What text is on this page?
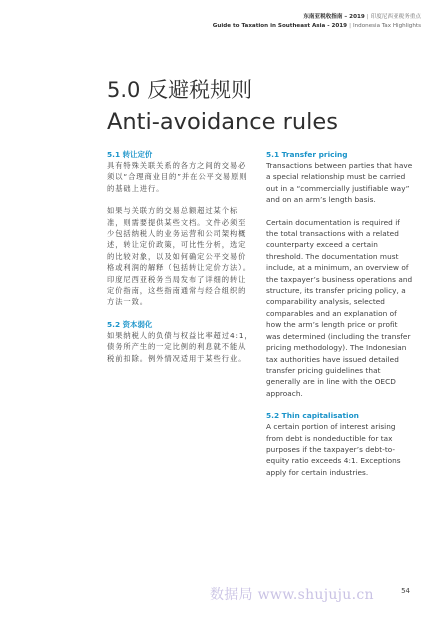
东南亚税收指南 – 2019 | 印度尼西亚税务重点
Guide to Taxation in Southeast Asia - 2019 | Indonesia Tax Highlights
5.0 反避税规则
Anti-avoidance rules
5.1 转让定价

具有特殊关联关系的各方之间的交易必须以“合理商业目的”并在公平交易原则的基础上进行。

如果与关联方的交易总额超过某个标准，则需要提供某些文档。文件必须至少包括纳税人的业务运营和公司架构概述，转让定价政策，可比性分析，选定的比较对象，以及如何确定公平交易价格或利润的解释（包括转让定价方法）。印度尼西亚税务当局发布了详细的转让定价指南，这些指南通常与经合组织的方法一致。

5.2 资本弱化

如果纳税人的负债与权益比率超过4:1，债务所产生的一定比例的利息就不能从税前扣除。例外情况适用于某些行业。

5.1 Transfer pricing

Transactions between parties that have a special relationship must be carried out in a “commercially justifiable way” and on an arm’s length basis.

Certain documentation is required if the total transactions with a related counterparty exceed a certain threshold. The documentation must include, at a minimum, an overview of the taxpayer’s business operations and structure, its transfer pricing policy, a comparability analysis, selected comparables and an explanation of how the arm’s length price or profit was determined (including the transfer pricing methodology). The Indonesian tax authorities have issued detailed transfer pricing guidelines that generally are in line with the OECD approach.

5.2 Thin capitalisation

A certain portion of interest arising from debt is nondeductible for tax purposes if the taxpayer’s debt-to-equity ratio exceeds 4:1. Exceptions apply for certain industries.

数据局 www.shujuju.cn	54
